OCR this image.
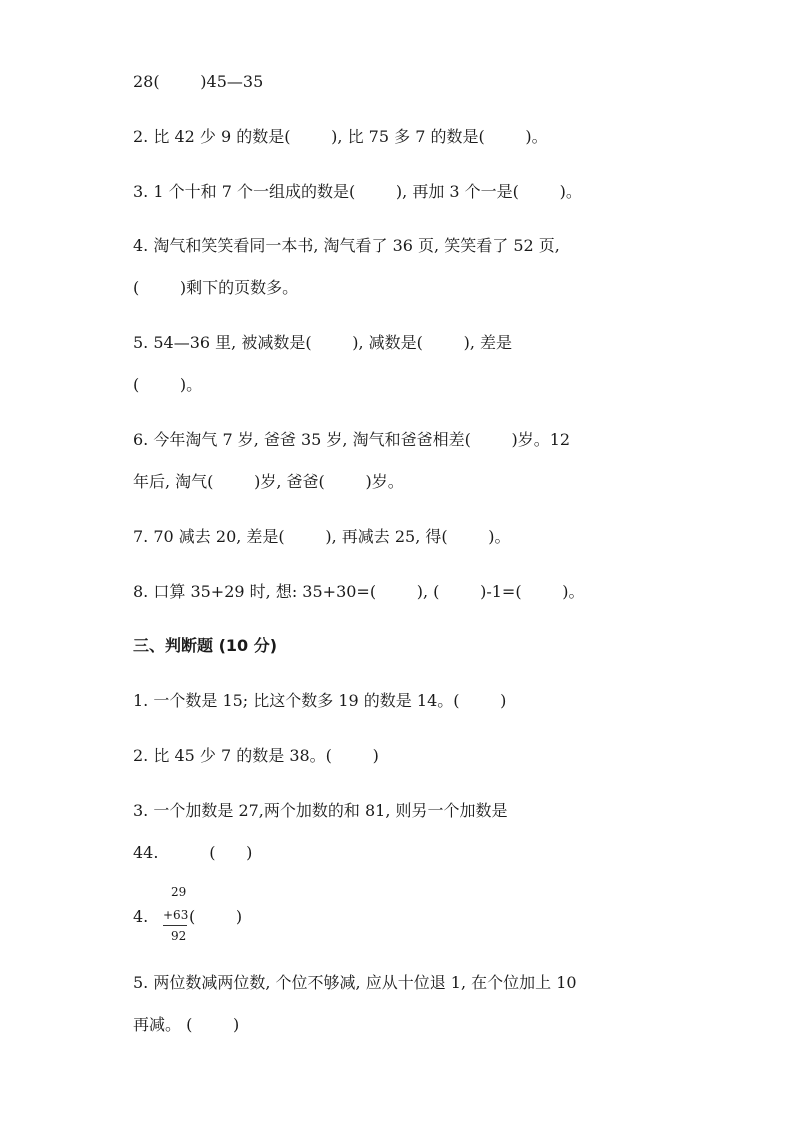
28(        )45—35
2. 比 42 少 9 的数是(        ), 比 75 多 7 的数是(        )。
3. 1 个十和 7 个一组成的数是(        ), 再加 3 个一是(        )。
4. 淘气和笑笑看同一本书, 淘气看了 36 页, 笑笑看了 52 页,
(        )剩下的页数多。
5. 54—36 里, 被减数是(        ), 减数是(        ), 差是
(        )。
6. 今年淘气 7 岁, 爸爸 35 岁, 淘气和爸爸相差(        )岁。12
年后, 淘气(        )岁, 爸爸(        )岁。
7. 70 减去 20, 差是(        ), 再减去 25, 得(        )。
8. 口算 35+29 时, 想: 35+30=(        ), (        )-1=(        )。
三、判断题 (10 分)
1. 一个数是 15; 比这个数多 19 的数是 14。(        )
2. 比 45 少 7 的数是 38。(        )
3. 一个加数是 27,两个加数的和 81, 则另一个加数是
44.          (      )
4.
29
+63
92
(        )
5. 两位数减两位数, 个位不够减, 应从十位退 1, 在个位加上 10
再减。 (        )
